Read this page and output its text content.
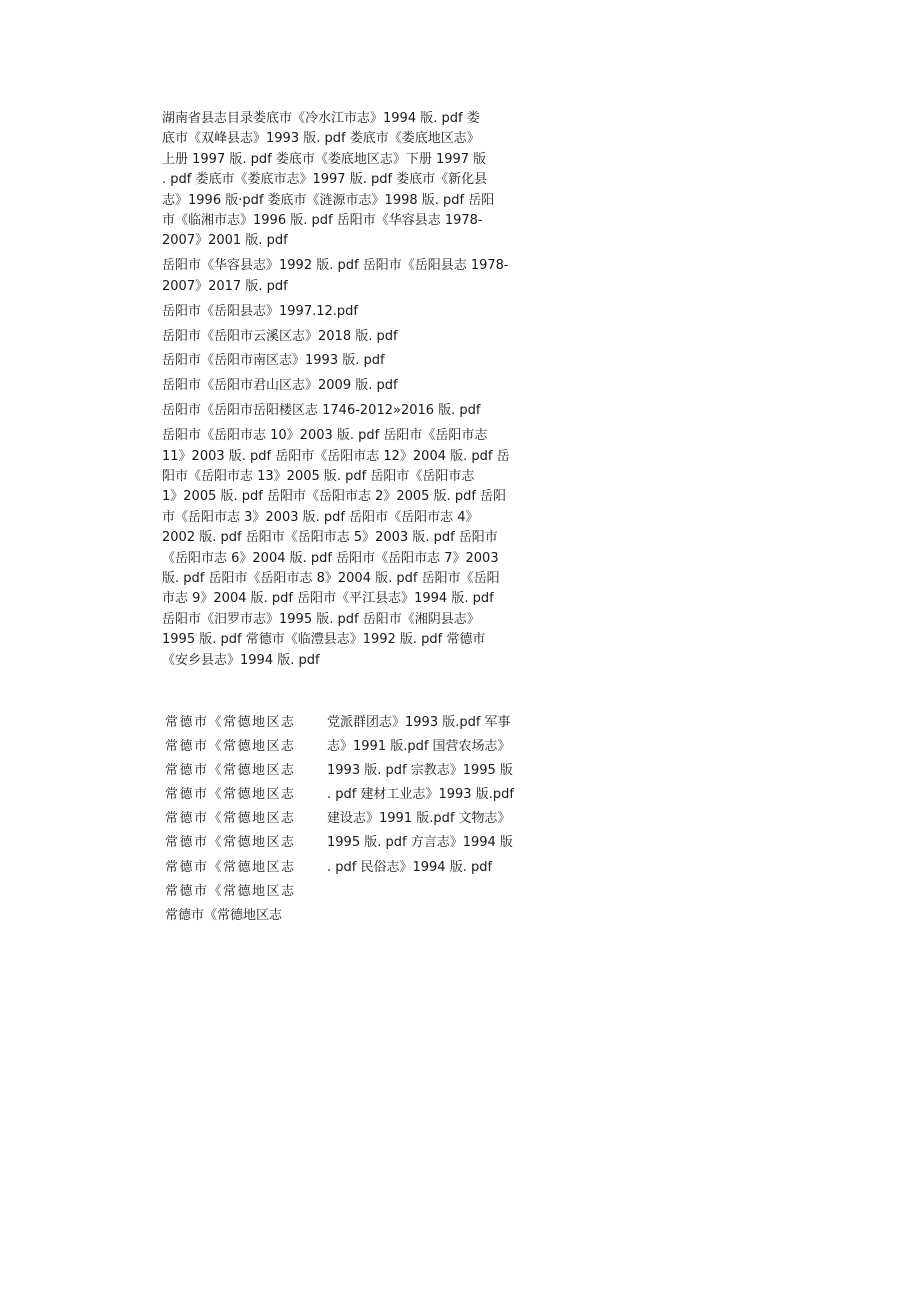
湖南省县志目录娄底市《冷水江市志》1994 版. pdf 娄
底市《双峰县志》1993 版. pdf 娄底市《娄底地区志》
上册 1997 版. pdf 娄底市《娄底地区志》下册 1997 版
. pdf 娄底市《娄底市志》1997 版. pdf 娄底市《新化县
志》1996 版·pdf 娄底市《涟源市志》1998 版. pdf 岳阳
市《临湘市志》1996 版. pdf 岳阳市《华容县志 1978-
2007》2001 版. pdf

岳阳市《华容县志》1992 版. pdf 岳阳市《岳阳县志 1978-
2007》2017 版. pdf

岳阳市《岳阳县志》1997.12.pdf

岳阳市《岳阳市云溪区志》2018 版. pdf

岳阳市《岳阳市南区志》1993 版. pdf

岳阳市《岳阳市君山区志》2009 版. pdf

岳阳市《岳阳市岳阳楼区志 1746-2012»2016 版. pdf

岳阳市《岳阳市志 10》2003 版. pdf 岳阳市《岳阳市志
11》2003 版. pdf 岳阳市《岳阳市志 12》2004 版. pdf 岳
阳市《岳阳市志 13》2005 版. pdf 岳阳市《岳阳市志
1》2005 版. pdf 岳阳市《岳阳市志 2》2005 版. pdf 岳阳
市《岳阳市志 3》2003 版. pdf 岳阳市《岳阳市志 4》
2002 版. pdf 岳阳市《岳阳市志 5》2003 版. pdf 岳阳市
《岳阳市志 6》2004 版. pdf 岳阳市《岳阳市志 7》2003
版. pdf 岳阳市《岳阳市志 8》2004 版. pdf 岳阳市《岳阳
市志 9》2004 版. pdf 岳阳市《平江县志》1994 版. pdf
岳阳市《汨罗市志》1995 版. pdf 岳阳市《湘阴县志》
1995 版. pdf 常德市《临澧县志》1992 版. pdf 常德市
《安乡县志》1994 版. pdf

常德市《常德地区志
常德市《常德地区志
常德市《常德地区志
常德市《常德地区志
常德市《常德地区志
常德市《常德地区志
常德市《常德地区志
常德市《常德地区志
常德市《常德地区志
党派群团志》1993 版.pdf 军事
志》1991 版.pdf 国营农场志》
1993 版. pdf 宗教志》1995 版
. pdf 建材工业志》1993 版.pdf
建设志》1991 版.pdf 文物志》
1995 版. pdf 方言志》1994 版
. pdf 民俗志》1994 版. pdf
